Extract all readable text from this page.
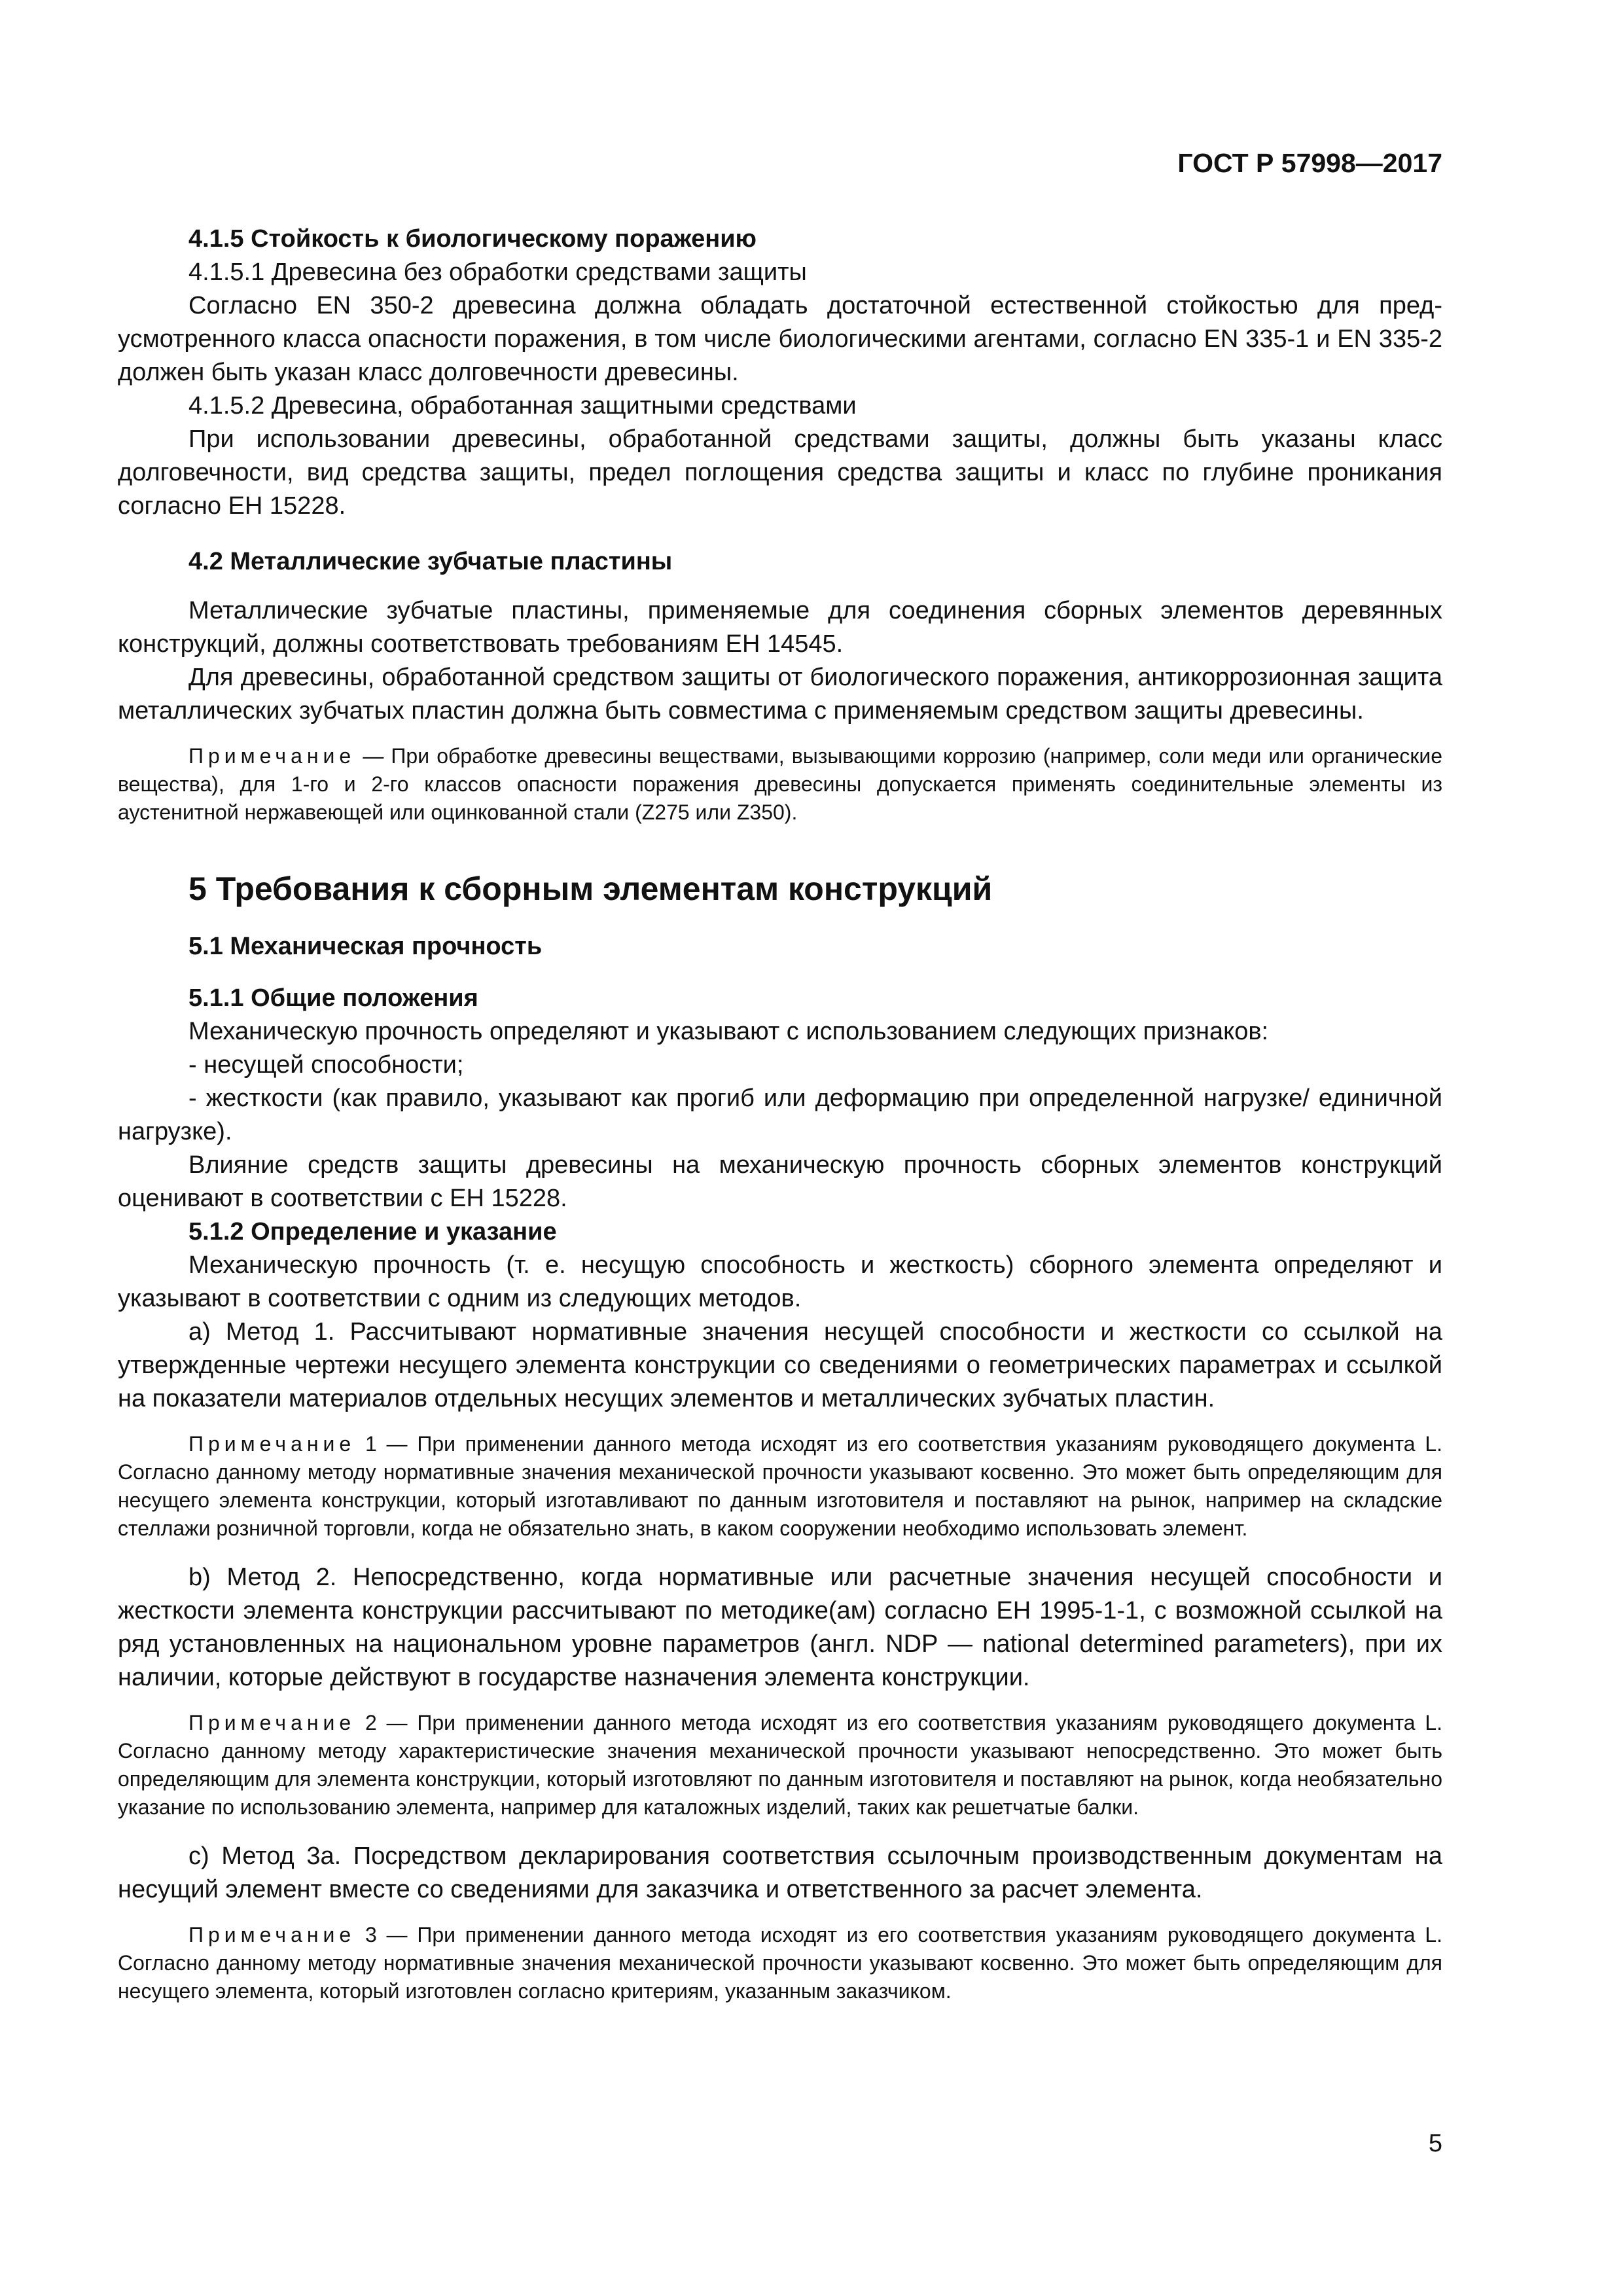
ГОСТ Р 57998—2017

4.1.5 Стойкость к биологическому поражению

4.1.5.1 Древесина без обработки средствами защиты

Согласно EN 350-2 древесина должна обладать достаточной естественной стойкостью для предусмотренного класса опасности поражения, в том числе биологическими агентами, согласно EN 335-1 и EN 335-2 должен быть указан класс долговечности древесины.

4.1.5.2 Древесина, обработанная защитными средствами

При использовании древесины, обработанной средствами защиты, должны быть указаны класс долговечности, вид средства защиты, предел поглощения средства защиты и класс по глубине проникания согласно EH 15228.

4.2 Металлические зубчатые пластины

Металлические зубчатые пластины, применяемые для соединения сборных элементов деревянных конструкций, должны соответствовать требованиям EH 14545.

Для древесины, обработанной средством защиты от биологического поражения, антикоррозионная защита металлических зубчатых пластин должна быть совместима с применяемым средством защиты древесины.

Примечание — При обработке древесины веществами, вызывающими коррозию (например, соли меди или органические вещества), для 1-го и 2-го классов опасности поражения древесины допускается применять соединительные элементы из аустенитной нержавеющей или оцинкованной стали (Z275 или Z350).

5 Требования к сборным элементам конструкций

5.1 Механическая прочность

5.1.1 Общие положения

Механическую прочность определяют и указывают с использованием следующих признаков:

- несущей способности;

- жесткости (как правило, указывают как прогиб или деформацию при определенной нагрузке/ единичной нагрузке).

Влияние средств защиты древесины на механическую прочность сборных элементов конструкций оценивают в соответствии с EH 15228.

5.1.2 Определение и указание

Механическую прочность (т. е. несущую способность и жесткость) сборного элемента определяют и указывают в соответствии с одним из следующих методов.

a) Метод 1. Рассчитывают нормативные значения несущей способности и жесткости со ссылкой на утвержденные чертежи несущего элемента конструкции со сведениями о геометрических параметрах и ссылкой на показатели материалов отдельных несущих элементов и металлических зубчатых пластин.

Примечание 1 — При применении данного метода исходят из его соответствия указаниям руководящего документа L. Согласно данному методу нормативные значения механической прочности указывают косвенно. Это может быть определяющим для несущего элемента конструкции, который изготавливают по данным изготовителя и поставляют на рынок, например на складские стеллажи розничной торговли, когда не обязательно знать, в каком сооружении необходимо использовать элемент.

b) Метод 2. Непосредственно, когда нормативные или расчетные значения несущей способности и жесткости элемента конструкции рассчитывают по методике(ам) согласно EH 1995-1-1, с возможной ссылкой на ряд установленных на национальном уровне параметров (англ. NDP — national determined parameters), при их наличии, которые действуют в государстве назначения элемента конструкции.

Примечание 2 — При применении данного метода исходят из его соответствия указаниям руководящего документа L. Согласно данному методу характеристические значения механической прочности указывают непосредственно. Это может быть определяющим для элемента конструкции, который изготовляют по данным изготовителя и поставляют на рынок, когда необязательно указание по использованию элемента, например для каталожных изделий, таких как решетчатые балки.

c) Метод 3a. Посредством декларирования соответствия ссылочным производственным документам на несущий элемент вместе со сведениями для заказчика и ответственного за расчет элемента.

Примечание 3 — При применении данного метода исходят из его соответствия указаниям руководящего документа L. Согласно данному методу нормативные значения механической прочности указывают косвенно. Это может быть определяющим для несущего элемента, который изготовлен согласно критериям, указанным заказчиком.

5
